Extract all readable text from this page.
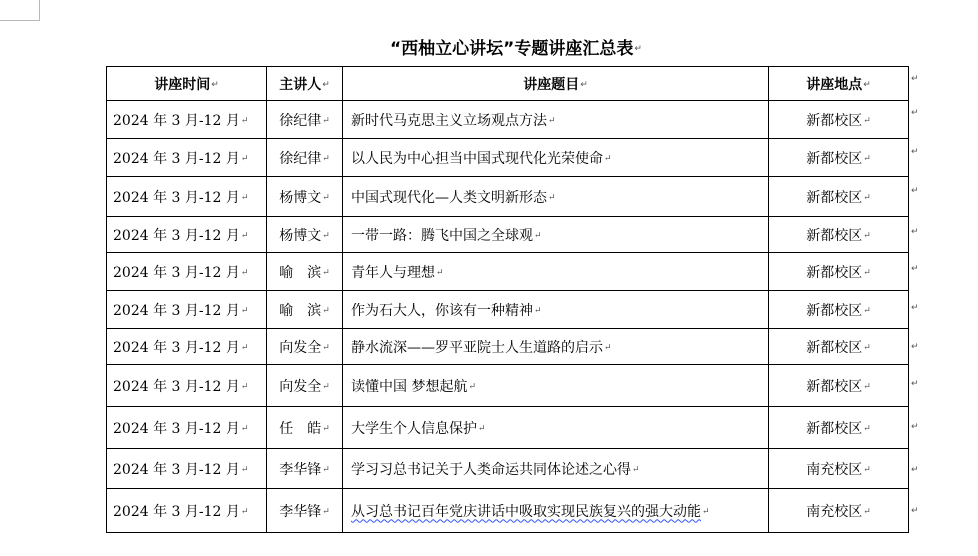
“西柚立心讲坛”专题讲座汇总表↵
讲座时间↵	主讲人↵	讲座题目↵	讲座地点↵
2024 年 3 月-12 月↵	徐纪律↵	新时代马克思主义立场观点方法↵	新都校区↵
2024 年 3 月-12 月↵	徐纪律↵	以人民为中心担当中国式现代化光荣使命↵	新都校区↵
2024 年 3 月-12 月↵	杨博文↵	中国式现代化—人类文明新形态↵	新都校区↵
2024 年 3 月-12 月↵	杨博文↵	一带一路：腾飞中国之全球观↵	新都校区↵
2024 年 3 月-12 月↵	喻　滨↵	青年人与理想↵	新都校区↵
2024 年 3 月-12 月↵	喻　滨↵	作为石大人，你该有一种精神↵	新都校区↵
2024 年 3 月-12 月↵	向发全↵	静水流深——罗平亚院士人生道路的启示↵	新都校区↵
2024 年 3 月-12 月↵	向发全↵	读懂中国 梦想起航↵	新都校区↵
2024 年 3 月-12 月↵	任　皓↵	大学生个人信息保护↵	新都校区↵
2024 年 3 月-12 月↵	李华锋↵	学习习总书记关于人类命运共同体论述之心得↵	南充校区↵
2024 年 3 月-12 月↵	李华锋↵	从习总书记百年党庆讲话中吸取实现民族复兴的强大动能↵	南充校区↵
↵
↵
↵
↵
↵
↵
↵
↵
↵
↵
↵
↵
